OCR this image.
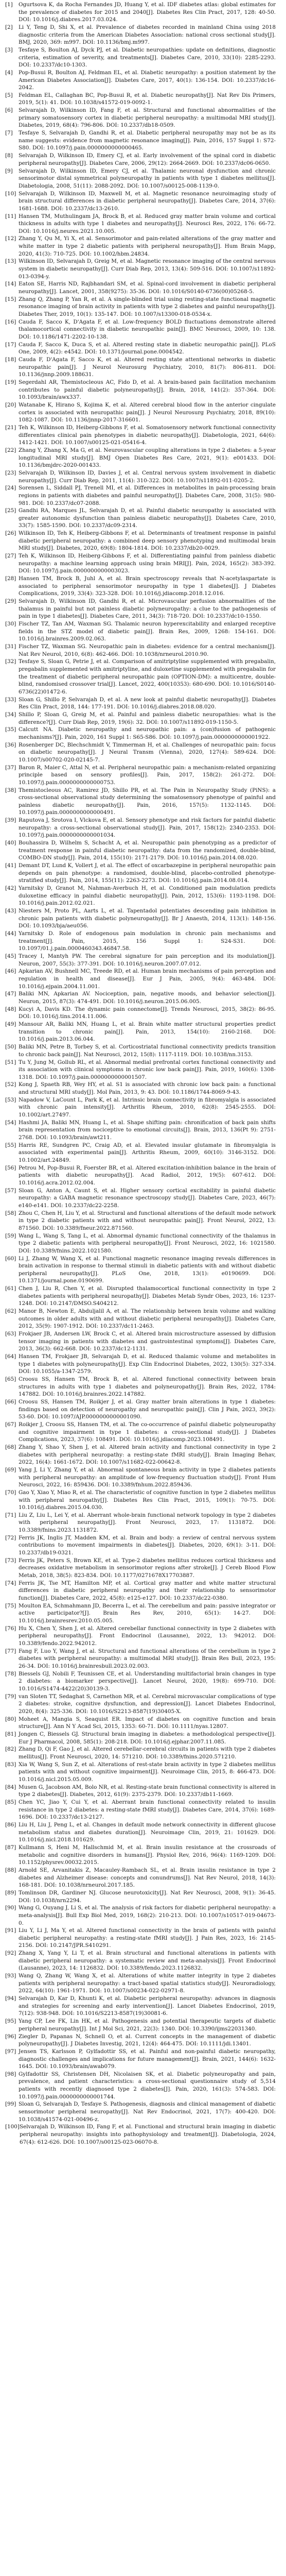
[1]	Ogurtsova K, da Rocha Fernandes JD, Huang Y, et al. IDF diabetes atlas: global estimates for the prevalence of diabetes for 2015 and 2040[J]. Diabetes Res Clin Pract, 2017, 128: 40-50. DOI: 10.1016/j.diabres.2017.03.024.
[2]	Li Y, Teng D, Shi X, et al. Prevalence of diabetes recorded in mainland China using 2018 diagnostic criteria from the American Diabetes Association: national cross sectional study[J]. BMJ, 2020, 369: m997. DOI: 10.1136/bmj.m997.
[3]	Tesfaye S, Boulton AJ, Dyck PJ, et al. Diabetic neuropathies: update on definitions, diagnostic criteria, estimation of severity, and treatments[J]. Diabetes Care, 2010, 33(10): 2285-2293. DOI: 10.2337/dc10-1303.
[4]	Pop-Busui R, Boulton AJ, Feldman EL, et al. Diabetic neuropathy: a position statement by the American Diabetes Association[J]. Diabetes Care, 2017, 40(1): 136-154. DOI: 10.2337/dc16-2042.
[5]	Feldman EL, Callaghan BC, Pop-Busui R, et al. Diabetic neuropathy[J]. Nat Rev Dis Primers, 2019, 5(1): 41. DOI: 10.1038/s41572-019-0092-1.
[6]	Selvarajah D, Wilkinson ID, Fang F, et al. Structural and functional abnormalities of the primary somatosensory cortex in diabetic peripheral neuropathy: a multimodal MRI study[J]. Diabetes, 2019, 68(4): 796-806. DOI: 10.2337/db18-0509.
[7]	Tesfaye S, Selvarajah D, Gandhi R, et al. Diabetic peripheral neuropathy may not be as its name suggests: evidence from magnetic resonance imaging[J]. Pain, 2016, 157 Suppl 1: S72-S80. DOI: 10.1097/j.pain.0000000000000465.
[8]	Selvarajah D, Wilkinson ID, Emery CJ, et al. Early involvement of the spinal cord in diabetic peripheral neuropathy[J]. Diabetes Care, 2006, 29(12): 2664-2669. DOI: 10.2337/dc06-0650.
[9]	Selvarajah D, Wilkinson ID, Emery CJ, et al. Thalamic neuronal dysfunction and chronic sensorimotor distal symmetrical polyneuropathy in patients with type 1 diabetes mellitus[J]. Diabetologia, 2008, 51(11): 2088-2092. DOI: 10.1007/s00125-008-1139-0.
[10] Selvarajah D, Wilkinson ID, Maxwell M, et al. Magnetic resonance neuroimaging study of brain structural differences in diabetic peripheral neuropathy[J]. Diabetes Care, 2014, 37(6): 1681-1688. DOI: 10.2337/dc13-2610.
[11] Hansen TM, Muthulingam JA, Brock B, et al. Reduced gray matter brain volume and cortical thickness in adults with type 1 diabetes and neuropathy[J]. Neurosci Res, 2022, 176: 66-72. DOI: 10.1016/j.neures.2021.10.005.
[12] Zhang Y, Qu M, Yi X, et al. Sensorimotor and pain-related alterations of the gray matter and white matter in type 2 diabetic patients with peripheral neuropathy[J]. Hum Brain Mapp, 2020, 41(3): 710-725. DOI: 10.1002/hbm.24834.
[13] Wilkinson ID, Selvarajah D, Greig M, et al. Magnetic resonance imaging of the central nervous system in diabetic neuropathy[J]. Curr Diab Rep, 2013, 13(4): 509-516. DOI: 10.1007/s11892-013-0394-y.
[14] Eaton SE, Harris ND, Rajbhandari SM, et al. Spinal-cord involvement in diabetic peripheral neuropathy[J]. Lancet, 2001, 358(9275): 35-36. DOI: 10.1016/S0140-6736(00)05268-5.
[15] Zhang Q, Zhang P, Yan R, et al. A single-blinded trial using resting-state functional magnetic resonance imaging of brain activity in patients with type 2 diabetes and painful neuropathy[J]. Diabetes Ther, 2019, 10(1): 135-147. DOI: 10.1007/s13300-018-0534-x.
[16] Cauda F, Sacco K, D'Agata F, et al. Low-frequency BOLD fluctuations demonstrate altered thalamocortical connectivity in diabetic neuropathic pain[J]. BMC Neurosci, 2009, 10: 138. DOI: 10.1186/1471-2202-10-138.
[17] Cauda F, Sacco K, Duca S, et al. Altered resting state in diabetic neuropathic pain[J]. PLoS One, 2009, 4(2): e4542. DOI: 10.1371/journal.pone.0004542.
[18] Cauda F, D'Agata F, Sacco K, et al. Altered resting state attentional networks in diabetic neuropathic pain[J]. J Neurol Neurosurg Psychiatry, 2010, 81(7): 806-811. DOI: 10.1136/jnnp.2009.188631.
[19] Segerdahl AR, Themistocleous AC, Fido D, et al. A brain-based pain facilitation mechanism contributes to painful diabetic polyneuropathy[J]. Brain, 2018, 141(2): 357-364. DOI: 10.1093/brain/awx337.
[20] Watanabe K, Hirano S, Kojima K, et al. Altered cerebral blood flow in the anterior cingulate cortex is associated with neuropathic pain[J]. J Neurol Neurosurg Psychiatry, 2018, 89(10): 1082-1087. DOI: 10.1136/jnnp-2017-316601.
[21] Teh K, Wilkinson ID, Heiberg-Gibbons F, et al. Somatosensory network functional connectivity differentiates clinical pain phenotypes in diabetic neuropathy[J]. Diabetologia, 2021, 64(6): 1412-1421. DOI: 10.1007/s00125-021-05416-4.
[22] Zhang Y, Zhang X, Ma G, et al. Neurovascular coupling alterations in type 2 diabetes: a 5-year longitudinal MRI study[J]. BMJ Open Diabetes Res Care, 2021, 9(1): e001433. DOI: 10.1136/bmjdrc-2020-001433.
[23] Selvarajah D, Wilkinson ID, Davies J, et al. Central nervous system involvement in diabetic neuropathy[J]. Curr Diab Rep, 2011, 11(4): 310-322. DOI: 10.1007/s11892-011-0205-2.
[24] Sorensen L, Siddall PJ, Trenell MI, et al. Differences in metabolites in pain-processing brain regions in patients with diabetes and painful neuropathy[J]. Diabetes Care, 2008, 31(5): 980-981. DOI: 10.2337/dc07-2088.
[25] Gandhi RA, Marques JL, Selvarajah D, et al. Painful diabetic neuropathy is associated with greater autonomic dysfunction than painless diabetic neuropathy[J]. Diabetes Care, 2010, 33(7): 1585-1590. DOI: 10.2337/dc09-2314.
[26] Wilkinson ID, Teh K, Heiberg-Gibbons F, et al. Determinants of treatment response in painful diabetic peripheral neuropathy: a combined deep sensory phenotyping and multimodal brain MRI study[J]. Diabetes, 2020, 69(8): 1804-1814. DOI: 10.2337/db20-0029.
[27] Teh K, Wilkinson ID, Heiberg-Gibbons F, et al. Differentiating painful from painless diabetic neuropathy: a machine learning approach using brain MRI[J]. Pain, 2024, 165(2): 383-392. DOI: 10.1097/j.pain.0000000000003023.
[28] Hansen TM, Brock B, Juhl A, et al. Brain spectroscopy reveals that N-acetylaspartate is associated to peripheral sensorimotor neuropathy in type 1 diabetes[J]. J Diabetes Complications, 2019, 33(4): 323-328. DOI: 10.1016/j.jdiacomp.2018.12.016.
[29] Selvarajah D, Wilkinson ID, Gandhi R, et al. Microvascular perfusion abnormalities of the thalamus in painful but not painless diabetic polyneuropathy: a clue to the pathogenesis of pain in type 1 diabetes[J]. Diabetes Care, 2011, 34(3): 718-720. DOI: 10.2337/dc10-1550.
[30] Fischer TZ, Tan AM, Waxman SG. Thalamic neuron hyperexcitability and enlarged receptive fields in the STZ model of diabetic pain[J]. Brain Res, 2009, 1268: 154-161. DOI: 10.1016/j.brainres.2009.02.063.
[31] Fischer TZ, Waxman SG. Neuropathic pain in diabetes: evidence for a central mechanism[J]. Nat Rev Neurol, 2010, 6(8): 462-466. DOI: 10.1038/nrneurol.2010.90.
[32] Tesfaye S, Sloan G, Petrie J, et al. Comparison of amitriptyline supplemented with pregabalin, pregabalin supplemented with amitriptyline, and duloxetine supplemented with pregabalin for the treatment of diabetic peripheral neuropathic pain (OPTION-DM): a multicentre, double-blind, randomised crossover trial[J]. Lancet, 2022, 400(10353): 680-690. DOI: 10.1016/S0140-6736(22)01472-6.
[33] Sloan G, Shillo P, Selvarajah D, et al. A new look at painful diabetic neuropathy[J]. Diabetes Res Clin Pract, 2018, 144: 177-191. DOI: 10.1016/j.diabres.2018.08.020.
[34] Shillo P, Sloan G, Greig M, et al. Painful and painless diabetic neuropathies: what is the difference?[J]. Curr Diab Rep, 2019, 19(6): 32. DOI: 10.1007/s11892-019-1150-5.
[35] Calcutt NA. Diabetic neuropathy and neuropathic pain: a (con)fusion of pathogenic mechanisms?[J]. Pain, 2020, 161 Suppl 1: S65-S86. DOI: 10.1097/j.pain.0000000000001922.
[36] Rosenberger DC, Blechschmidt V, Timmerman H, et al. Challenges of neuropathic pain: focus on diabetic neuropathy[J]. J Neural Transm (Vienna), 2020, 127(4): 589-624. DOI: 10.1007/s00702-020-02145-7.
[37] Baron R, Maier C, Attal N, et al. Peripheral neuropathic pain: a mechanism-related organizing principle based on sensory profiles[J]. Pain, 2017, 158(2): 261-272. DOI: 10.1097/j.pain.0000000000000753.
[38] Themistocleous AC, Ramirez JD, Shillo PR, et al. The Pain in Neuropathy Study (PiNS): a cross-sectional observational study determining the somatosensory phenotype of painful and painless diabetic neuropathy[J]. Pain, 2016, 157(5): 1132-1145. DOI: 10.1097/j.pain.0000000000000491.
[39] Raputova J, Srotova I, Vlckova E, et al. Sensory phenotype and risk factors for painful diabetic neuropathy: a cross-sectional observational study[J]. Pain, 2017, 158(12): 2340-2353. DOI: 10.1097/j.pain.0000000000001034.
[40] Bouhassira D, Wilhelm S, Schacht A, et al. Neuropathic pain phenotyping as a predictor of treatment response in painful diabetic neuropathy: data from the randomized, double-blind, COMBO-DN study[J]. Pain, 2014, 155(10): 2171-2179. DOI: 10.1016/j.pain.2014.08.020.
[41] Demant DT, Lund K, Vollert J, et al. The effect of oxcarbazepine in peripheral neuropathic pain depends on pain phenotype: a randomised, double-blind, placebo-controlled phenotype-stratified study[J]. Pain, 2014, 155(11): 2263-2273. DOI: 10.1016/j.pain.2014.08.014.
[42] Yarnitsky D, Granot M, Nahman-Averbuch H, et al. Conditioned pain modulation predicts duloxetine efficacy in painful diabetic neuropathy[J]. Pain, 2012, 153(6): 1193-1198. DOI: 10.1016/j.pain.2012.02.021.
[43] Niesters M, Proto PL, Aarts L, et al. Tapentadol potentiates descending pain inhibition in chronic pain patients with diabetic polyneuropathy[J]. Br J Anaesth, 2014, 113(1): 148-156. DOI: 10.1093/bja/aeu056.
[44] Yarnitsky D. Role of endogenous pain modulation in chronic pain mechanisms and treatment[J]. Pain, 2015, 156 Suppl 1: S24-S31. DOI: 10.1097/01.j.pain.0000460343.46847.58.
[45] Tracey I, Mantyh PW. The cerebral signature for pain perception and its modulation[J]. Neuron, 2007, 55(3): 377-391. DOI: 10.1016/j.neuron.2007.07.012.
[46] Apkarian AV, Bushnell MC, Treede RD, et al. Human brain mechanisms of pain perception and regulation in health and disease[J]. Eur J Pain, 2005, 9(4): 463-484. DOI: 10.1016/j.ejpain.2004.11.001.
[47] Baliki MN, Apkarian AV. Nociception, pain, negative moods, and behavior selection[J]. Neuron, 2015, 87(3): 474-491. DOI: 10.1016/j.neuron.2015.06.005.
[48] Kucyi A, Davis KD. The dynamic pain connectome[J]. Trends Neurosci, 2015, 38(2): 86-95. DOI: 10.1016/j.tins.2014.11.006.
[49] Mansour AR, Baliki MN, Huang L, et al. Brain white matter structural properties predict transition to chronic pain[J]. Pain, 2013, 154(10): 2160-2168. DOI: 10.1016/j.pain.2013.06.044.
[50] Baliki MN, Petre B, Torbey S, et al. Corticostriatal functional connectivity predicts transition to chronic back pain[J]. Nat Neurosci, 2012, 15(8): 1117-1119. DOI: 10.1038/nn.3153.
[51] Tu Y, Jung M, Gollub RL, et al. Abnormal medial prefrontal cortex functional connectivity and its association with clinical symptoms in chronic low back pain[J]. Pain, 2019, 160(6): 1308-1318. DOI: 10.1097/j.pain.0000000000001507.
[52] Kong J, Spaeth RB, Wey HY, et al. S1 is associated with chronic low back pain: a functional and structural MRI study[J]. Mol Pain, 2013, 9: 43. DOI: 10.1186/1744-8069-9-43.
[53] Napadow V, LaCount L, Park K, et al. Intrinsic brain connectivity in fibromyalgia is associated with chronic pain intensity[J]. Arthritis Rheum, 2010, 62(8): 2545-2555. DOI: 10.1002/art.27497.
[54] Hashmi JA, Baliki MN, Huang L, et al. Shape shifting pain: chronification of back pain shifts brain representation from nociceptive to emotional circuits[J]. Brain, 2013, 136(Pt 9): 2751-2768. DOI: 10.1093/brain/awt211.
[55] Harris RE, Sundgren PC, Craig AD, et al. Elevated insular glutamate in fibromyalgia is associated with experimental pain[J]. Arthritis Rheum, 2009, 60(10): 3146-3152. DOI: 10.1002/art.24849.
[56] Petrou M, Pop-Busui R, Foerster BR, et al. Altered excitation-inhibition balance in the brain of patients with diabetic neuropathy[J]. Acad Radiol, 2012, 19(5): 607-612. DOI: 10.1016/j.acra.2012.02.004.
[57] Sloan G, Anton A, Caunt S, et al. Higher sensory cortical excitability in painful diabetic neuropathy: a GABA magnetic resonance spectroscopy study[J]. Diabetes Care, 2023, 46(7): e140-e141. DOI: 10.2337/dc22-2258.
[58] Zhou C, Chen H, Liu Y, et al. Structural and functional alterations of the default mode network in type 2 diabetic patients with and without neuropathic pain[J]. Front Neurol, 2022, 13: 871560. DOI: 10.3389/fneur.2022.871560.
[59] Wang L, Wang S, Tang L, et al. Abnormal dynamic functional connectivity of the thalamus in type 2 diabetic patients with peripheral neuropathy[J]. Front Neurosci, 2022, 16: 1021580. DOI: 10.3389/fnins.2022.1021580.
[60] Li J, Zhang W, Wang X, et al. Functional magnetic resonance imaging reveals differences in brain activation in response to thermal stimuli in diabetic patients with and without diabetic peripheral neuropathy[J]. PLoS One, 2018, 13(1): e0190699. DOI: 10.1371/journal.pone.0190699.
[61] Chen J, Liu R, Chen Y, et al. Disrupted thalamocortical functional connectivity in type 2 diabetes patients with peripheral neuropathy[J]. Diabetes Metab Syndr Obes, 2023, 16: 1237-1248. DOI: 10.2147/DMSO.S404212.
[62] Manor B, Newton E, Abduljalil A, et al. The relationship between brain volume and walking outcomes in older adults with and without diabetic peripheral neuropathy[J]. Diabetes Care, 2012, 35(9): 1907-1912. DOI: 10.2337/dc11-2463.
[63] Frokjaer JB, Andersen LW, Brock C, et al. Altered brain microstructure assessed by diffusion tensor imaging in patients with diabetes and gastrointestinal symptoms[J]. Diabetes Care, 2013, 36(3): 662-668. DOI: 10.2337/dc12-1131.
[64] Hansen TM, Frokjaer JB, Selvarajah D, et al. Reduced thalamic volume and metabolites in type 1 diabetes with polyneuropathy[J]. Exp Clin Endocrinol Diabetes, 2022, 130(5): 327-334. DOI: 10.1055/a-1347-2579.
[65] Croosu SS, Hansen TM, Brock B, et al. Altered functional connectivity between brain structures in adults with type 1 diabetes and polyneuropathy[J]. Brain Res, 2022, 1784: 147882. DOI: 10.1016/j.brainres.2022.147882.
[66] Croosu SS, Hansen TM, Roikjer J, et al. Gray matter brain alterations in type 1 diabetes: findings based on detection of neuropathy and neuropathic pain[J]. Clin J Pain, 2023, 39(2): 53-60. DOI: 10.1097/AJP.0000000000001090.
[67] Roikjer J, Croosu SS, Hansen TM, et al. The co-occurrence of painful diabetic polyneuropathy and cognitive impairment in type 1 diabetes: a cross-sectional study[J]. J Diabetes Complications, 2023, 37(6): 108491. DOI: 10.1016/j.jdiacomp.2023.108491.
[68] Zhang Y, Shao Y, Shen J, et al. Altered brain activity and functional connectivity in type 2 diabetes with peripheral neuropathy: a resting-state fMRI study[J]. Brain Imaging Behav, 2022, 16(4): 1661-1672. DOI: 10.1007/s11682-022-00642-8.
[69] Yang J, Li Y, Zhang Y, et al. Abnormal spontaneous brain activity in type 2 diabetes patients with peripheral neuropathy: an amplitude of low-frequency fluctuation study[J]. Front Hum Neurosci, 2022, 16: 859436. DOI: 10.3389/fnhum.2022.859436.
[70] Gao Y, Xiao Y, Miao R, et al. The characteristic of cognitive function in type 2 diabetes mellitus with peripheral neuropathy[J]. Diabetes Res Clin Pract, 2015, 109(1): 70-75. DOI: 10.1016/j.diabres.2015.04.030.
[71] Liu Z, Liu L, Lei Y, et al. Aberrant whole-brain functional network topology in type 2 diabetes with peripheral neuropathy[J]. Front Neurosci, 2023, 17: 1131872. DOI: 10.3389/fnins.2023.1131872.
[72] Ferris JK, Inglis JT, Madden KM, et al. Brain and body: a review of central nervous system contributions to movement impairments in diabetes[J]. Diabetes, 2020, 69(1): 3-11. DOI: 10.2337/db19-0321.
[73] Ferris JK, Peters S, Brown KE, et al. Type-2 diabetes mellitus reduces cortical thickness and decreases oxidative metabolism in sensorimotor regions after stroke[J]. J Cereb Blood Flow Metab, 2018, 38(5): 823-834. DOI: 10.1177/0271678X17703887.
[74] Ferris JK, Tse MT, Hamilton MP, et al. Cortical gray matter and white matter structural differences in diabetic peripheral neuropathy and their relationship to sensorimotor function[J]. Diabetes Care, 2022, 45(8): e125-e127. DOI: 10.2337/dc22-0380.
[75] Moulton EA, Schmahmann JD, Becerra L, et al. The cerebellum and pain: passive integrator or active participator?[J]. Brain Res Rev, 2010, 65(1): 14-27. DOI: 10.1016/j.brainresrev.2010.05.005.
[76] Hu X, Chen Y, Shen J, et al. Altered cerebellar functional connectivity in type 2 diabetes with peripheral neuropathy[J]. Front Endocrinol (Lausanne), 2022, 13: 942012. DOI: 10.3389/fendo.2022.942012.
[77] Fang F, Luo Y, Wang J, et al. Structural and functional alterations of the cerebellum in type 2 diabetes with peripheral neuropathy: a multimodal MRI study[J]. Brain Res Bull, 2023, 195: 26-34. DOI: 10.1016/j.brainresbull.2023.02.003.
[78] Biessels GJ, Nobili F, Teunissen CE, et al. Understanding multifactorial brain changes in type 2 diabetes: a biomarker perspective[J]. Lancet Neurol, 2020, 19(8): 699-710. DOI: 10.1016/S1474-4422(20)30139-3.
[79] van Sloten TT, Sedaghat S, Carnethon MR, et al. Cerebral microvascular complications of type 2 diabetes: stroke, cognitive dysfunction, and depression[J]. Lancet Diabetes Endocrinol, 2020, 8(4): 325-336. DOI: 10.1016/S2213-8587(19)30405-X.
[80] Moheet A, Mangia S, Seaquist ER. Impact of diabetes on cognitive function and brain structure[J]. Ann N Y Acad Sci, 2015, 1353: 60-71. DOI: 10.1111/nyas.12807.
[81] Jongen C, Biessels GJ. Structural brain imaging in diabetes: a methodological perspective[J]. Eur J Pharmacol, 2008, 585(1): 208-218. DOI: 10.1016/j.ejphar.2007.11.085.
[82] Zhang D, Qi F, Gao J, et al. Altered cerebellar-cerebral circuits in patients with type 2 diabetes mellitus[J]. Front Neurosci, 2020, 14: 571210. DOI: 10.3389/fnins.2020.571210.
[83] Xia W, Wang S, Sun Z, et al. Alterations of rest-state brain activity in type 2 diabetes mellitus patients with and without cognitive impairment[J]. Neuroimage Clin, 2015, 8: 466-473. DOI: 10.1016/j.nicl.2015.05.009.
[84] Musen G, Jacobson AM, Bolo NR, et al. Resting-state brain functional connectivity is altered in type 2 diabetes[J]. Diabetes, 2012, 61(9): 2375-2379. DOI: 10.2337/db11-1669.
[85] Chen YC, Jiao Y, Cui Y, et al. Aberrant brain functional connectivity related to insulin resistance in type 2 diabetes: a resting-state fMRI study[J]. Diabetes Care, 2014, 37(6): 1689-1696. DOI: 10.2337/dc13-2127.
[86] Liu H, Liu J, Peng L, et al. Changes in default mode network connectivity in different glucose metabolism status and diabetes duration[J]. Neuroimage Clin, 2019, 21: 101629. DOI: 10.1016/j.nicl.2018.101629.
[87] Kullmann S, Heni M, Hallschmid M, et al. Brain insulin resistance at the crossroads of metabolic and cognitive disorders in humans[J]. Physiol Rev, 2016, 96(4): 1169-1209. DOI: 10.1152/physrev.00032.2015.
[88] Arnold SE, Arvanitakis Z, Macauley-Rambach SL, et al. Brain insulin resistance in type 2 diabetes and Alzheimer disease: concepts and conundrums[J]. Nat Rev Neurol, 2018, 14(3): 168-181. DOI: 10.1038/nrneurol.2017.185.
[89] Tomlinson DR, Gardiner NJ. Glucose neurotoxicity[J]. Nat Rev Neurosci, 2008, 9(1): 36-45. DOI: 10.1038/nrn2294.
[90] Wang G, Ouyang J, Li S, et al. The analysis of risk factors for diabetic peripheral neuropathy: a meta-analysis[J]. Bull Exp Biol Med, 2019, 168(2): 210-213. DOI: 10.1007/s10517-019-04673-0.
[91] Liu Y, Li J, Ma Y, et al. Altered functional connectivity in the brain of patients with painful diabetic peripheral neuropathy: a resting-state fMRI study[J]. J Pain Res, 2023, 16: 2145-2156. DOI: 10.2147/JPR.S410291.
[92] Zhang X, Yang Y, Li T, et al. Brain structural and functional alterations in patients with diabetic peripheral neuropathy: a systematic review and meta-analysis[J]. Front Endocrinol (Lausanne), 2023, 14: 1126832. DOI: 10.3389/fendo.2023.1126832.
[93] Wang Q, Zhang W, Wang X, et al. Alterations of white matter integrity in type 2 diabetes patients with peripheral neuropathy: a tract-based spatial statistics study[J]. Neuroradiology, 2022, 64(10): 1961-1971. DOI: 10.1007/s00234-022-02971-8.
[94] Selvarajah D, Kar D, Khunti K, et al. Diabetic peripheral neuropathy: advances in diagnosis and strategies for screening and early intervention[J]. Lancet Diabetes Endocrinol, 2019, 7(12): 938-948. DOI: 10.1016/S2213-8587(19)30081-6.
[95] Yang CP, Lee FK, Lin HK, et al. Pathogenesis and potential therapeutic targets of diabetic peripheral neuropathy[J]. Int J Mol Sci, 2021, 22(3): 1340. DOI: 10.3390/ijms22031340.
[96] Ziegler D, Papanas N, Schnell O, et al. Current concepts in the management of diabetic polyneuropathy[J]. J Diabetes Investig, 2021, 12(4): 464-475. DOI: 10.1111/jdi.13401.
[97] Jensen TS, Karlsson P, Gylfadottir SS, et al. Painful and non-painful diabetic neuropathy, diagnostic challenges and implications for future management[J]. Brain, 2021, 144(6): 1632-1645. DOI: 10.1093/brain/awab079.
[98] Gylfadottir SS, Christensen DH, Nicolaisen SK, et al. Diabetic polyneuropathy and pain, prevalence, and patient characteristics: a cross-sectional questionnaire study of 5,514 patients with recently diagnosed type 2 diabetes[J]. Pain, 2020, 161(3): 574-583. DOI: 10.1097/j.pain.0000000000001744.
[99] Sloan G, Selvarajah D, Tesfaye S. Pathogenesis, diagnosis and clinical management of diabetic sensorimotor peripheral neuropathy[J]. Nat Rev Endocrinol, 2021, 17(7): 400-420. DOI: 10.1038/s41574-021-00496-z.
[100] Selvarajah D, Wilkinson ID, Fang F, et al. Functional and structural brain imaging in diabetic peripheral neuropathy: insights into pathophysiology and treatment[J]. Diabetologia, 2024, 67(4): 612-626. DOI: 10.1007/s00125-023-06070-8.
